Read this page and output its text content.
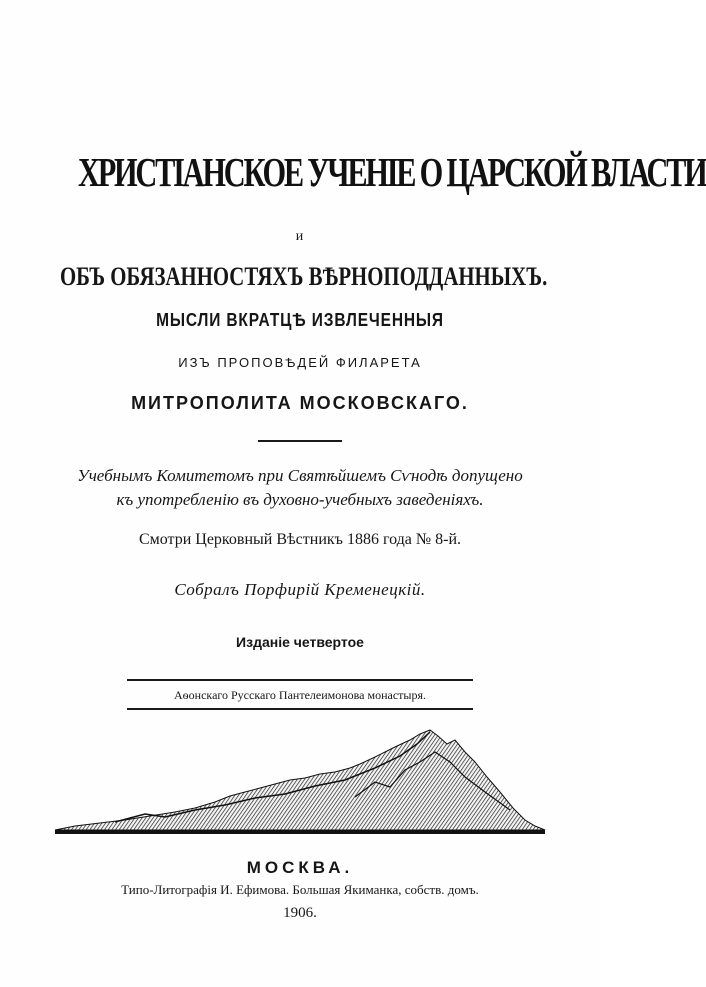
ХРИСТІАНСКОЕ УЧЕНІЕ О ЦАРСКОЙ ВЛАСТИ
и
ОБЪ ОБЯЗАННОСТЯХЪ ВѢРНОПОДДАННЫХЪ.
МЫСЛИ ВКРАТЦѢ ИЗВЛЕЧЕННЫЯ
ИЗЪ ПРОПОВѢДЕЙ ФИЛАРЕТА
МИТРОПОЛИТА МОСКОВСКАГО.
Учебнымъ Комитетомъ при Святѣйшемъ Сѵнодѣ допущено
къ употребленію въ духовно-учебныхъ заведеніяхъ.
Смотри Церковный Вѣстникъ 1886 года № 8-й.
Собралъ Порфирій Кременецкій.
Изданіе четвертое
Аѳонскаго Русскаго Пантелеимонова монастыря.
МОСКВА.
Типо-Литографія И. Ефимова. Большая Якиманка, собств. домъ.
1906.
